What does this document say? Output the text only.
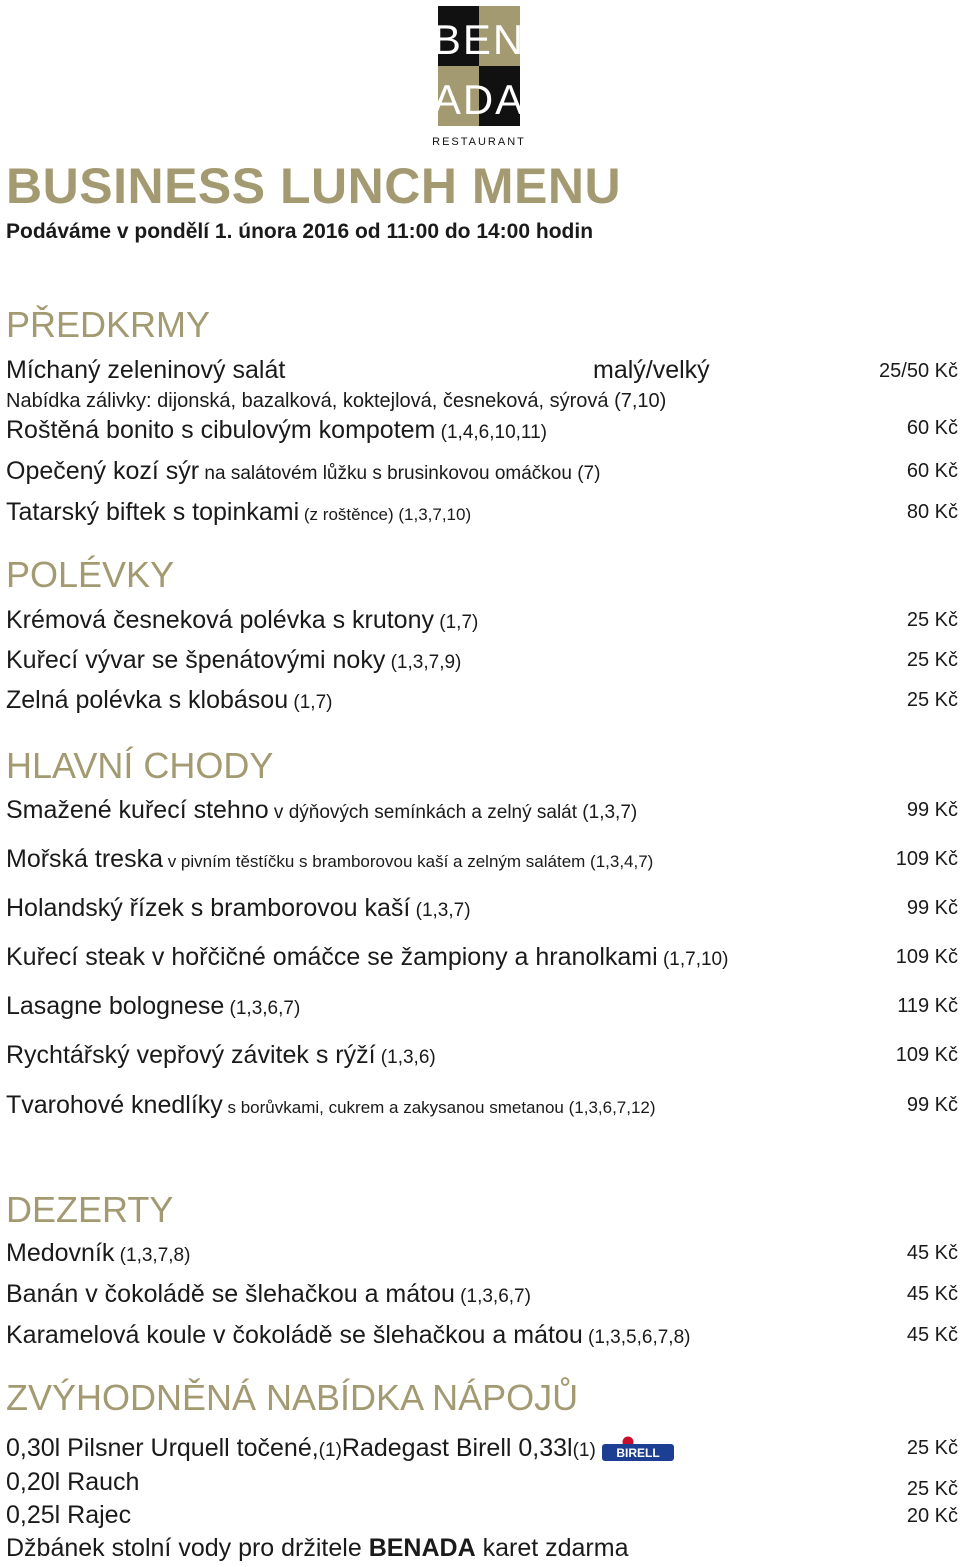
BEN
ADA
RESTAURANT
BUSINESS LUNCH MENU
Podáváme v pondělí 1. února 2016 od 11:00 do 14:00 hodin
PŘEDKRMY
Míchaný zeleninový salát	malý/velký	25/50 Kč
Nabídka zálivky: dijonská, bazalková, koktejlová, česneková, sýrová (7,10)
Roštěná bonito s cibulovým kompotem (1,4,6,10,11)	60 Kč
Opečený kozí sýr na salátovém lůžku s brusinkovou omáčkou (7)	60 Kč
Tatarský biftek s topinkami (z roštěnce) (1,3,7,10)	80 Kč
POLÉVKY
Krémová česneková polévka s krutony (1,7)	25 Kč
Kuřecí vývar se špenátovými noky (1,3,7,9)	25 Kč
Zelná polévka s klobásou (1,7)	25 Kč
HLAVNÍ CHODY
Smažené kuřecí stehno v dýňových semínkách a zelný salát (1,3,7)	99 Kč
Mořská treska v pivním těstíčku s bramborovou kaší a zelným salátem (1,3,4,7)	109 Kč
Holandský řízek s bramborovou kaší (1,3,7)	99 Kč
Kuřecí steak v hořčičné omáčce se žampiony a hranolkami (1,7,10)	109 Kč
Lasagne bolognese (1,3,6,7)	119 Kč
Rychtářský vepřový závitek s rýží (1,3,6)	109 Kč
Tvarohové knedlíky s borůvkami, cukrem a zakysanou smetanou (1,3,6,7,12)	99 Kč
DEZERTY
Medovník (1,3,7,8)	45 Kč
Banán v čokoládě se šlehačkou a mátou (1,3,6,7)	45 Kč
Karamelová koule v čokoládě se šlehačkou a mátou (1,3,5,6,7,8)	45 Kč
ZVÝHODNĚNÁ NABÍDKA NÁPOJŮ
0,30l Pilsner Urquell točené,(1)Radegast Birell 0,33l(1) BIRELL	25 Kč
0,20l Rauch	25 Kč
0,25l Rajec	20 Kč
Džbánek stolní vody pro držitele BENADA karet zdarma
